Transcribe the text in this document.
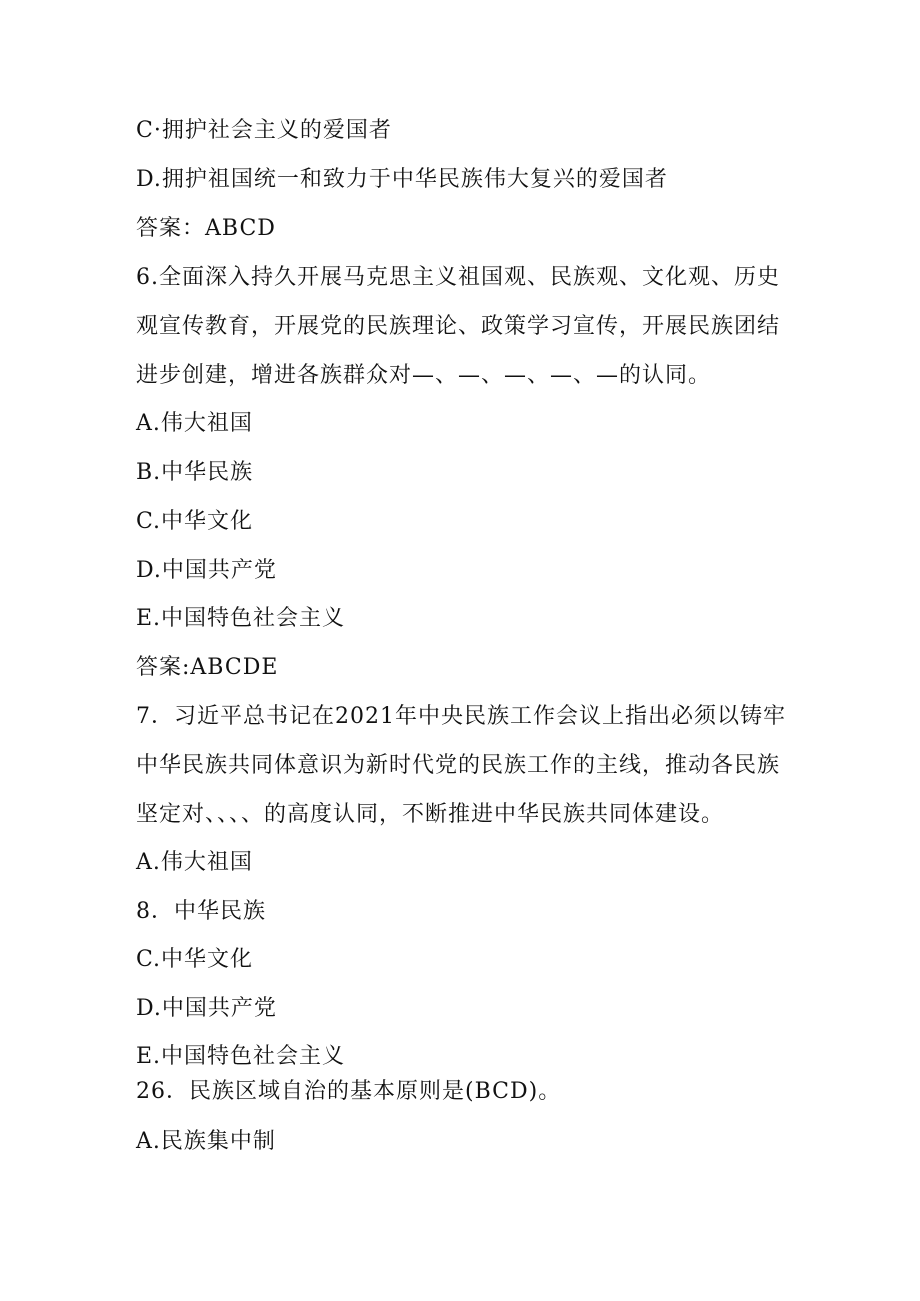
C·拥护社会主义的爱国者
D.拥护祖国统一和致力于中华民族伟大复兴的爱国者
答案：ABCD
6.全面深入持久开展马克思主义祖国观、民族观、文化观、历史
观宣传教育，开展党的民族理论、政策学习宣传，开展民族团结
进步创建，增进各族群众对—、—、—、—、—的认同。
A.伟大祖国
B.中华民族
C.中华文化
D.中国共产党
E.中国特色社会主义
答案:ABCDE
7．习近平总书记在2021年中央民族工作会议上指出必须以铸牢
中华民族共同体意识为新时代党的民族工作的主线，推动各民族
坚定对、、、、的高度认同，不断推进中华民族共同体建设。
A.伟大祖国
8．中华民族
C.中华文化
D.中国共产党
E.中国特色社会主义
26．民族区域自治的基本原则是(BCD)。
A.民族集中制
